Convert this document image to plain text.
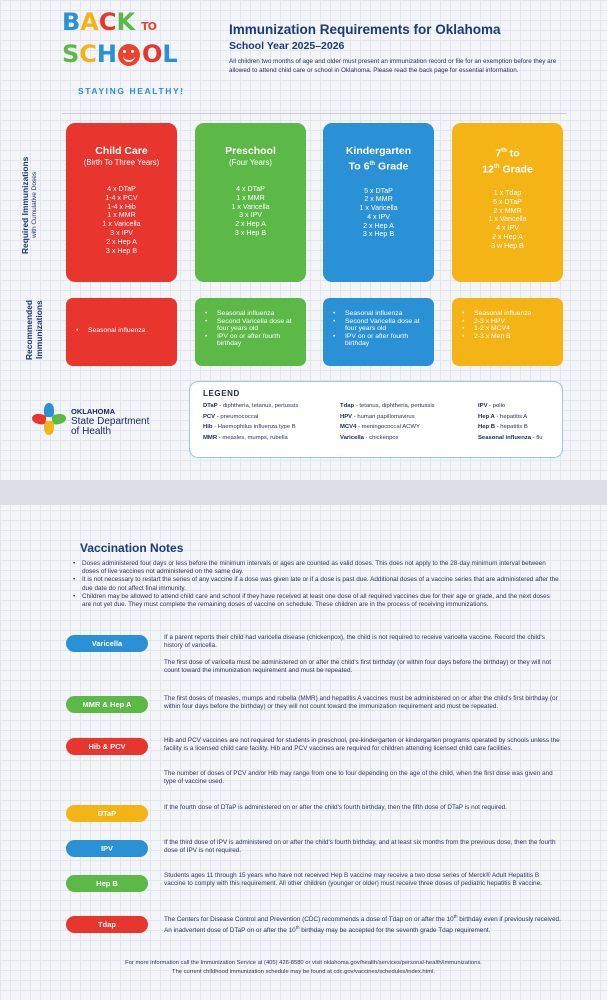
B A C K TO
S C H O L
STAYING HEALTHY!
Immunization Requirements for Oklahoma
School Year 2025–2026
All children two months of age and older must present an immunization record or file for an exemption before they are allowed to attend child care or school in Oklahoma. Please read the back page for essential information.
Required Immunizations
with Cumulative Doses
Recommended Immunizations
Child Care
(Birth To Three Years)
4 x DTaP
1-4 x PCV
1-4 x Hib
1 x MMR
1 x Varicella
3 x IPV
2 x Hep A
3 x Hep B
Preschool
(Four Years)
4 x DTaP
1 x MMR
1 x Varicella
3 x IPV
2 x Hep A
3 x Hep B
Kindergarten
To 6th Grade
5 x DTaP
2 x MMR
1 x Varicella
4 x IPV
2 x Hep A
3 x Hep B
7th to
12th Grade
1 x Tdap
5 x DTaP
2 x MMR
1 x Varicella
4 x IPV
2 x Hep A
3 w Hep B
• Seasonal influenza
• Seasonal influenza
• Second Varicella dose at four years old
• IPV on or after fourth birthday
• Seasonal influenza
• Second Varicella dose at four years old
• IPV on or after fourth birthday
• Seasonal influenza
• 2-3 x HPV
• 1-2 x MCV4
• 2-3 x Men B
OKLAHOMA
State Department
of Health
LEGEND
DTaP - diphtheria, tetanus, pertussis	Tdap - tetanus, diphtheria, pertussis	IPV - polio
PCV - pneumococcal	HPV - human papillomavirus	Hep A - hepatitis A
Hib - Haemophilus influenza type B	MCV4 - meningococcal ACWY	Hep B - hepatitis B
MMR - measles, mumps, rubella	Varicella - chickenpox	Seasonal influenza - flu
Vaccination Notes
• Doses administered four days or less before the minimum intervals or ages are counted as valid doses. This does not apply to the 28-day minimum interval between doses of live vaccines not administered on the same day.
• It is not necessary to restart the series of any vaccine if a dose was given late or if a dose is past due. Additional doses of a vaccine series that are administered after the due date do not affect final immunity.
• Children may be allowed to attend child care and school if they have received at least one dose of all required vaccines due for their age or grade, and the next doses are not yet due. They must complete the remaining doses of vaccine on schedule. These children are in the process of receiving immunizations.
Varicella
If a parent reports their child had varicella disease (chickenpox), the child is not required to receive varicella vaccine. Record the child's history of varicella.
The first dose of varicella must be administered on or after the child's first birthday (or within four days before the birthday) or they will not count toward the immunization requirement and must be repeated.
MMR & Hep A
The first doses of measles, mumps and rubella (MMR) and hepatitis A vaccines must be administered on or after the child's first birthday (or within four days before the birthday) or they will not count toward the immunization requirement and must be repeated.
Hib & PCV
Hib and PCV vaccines are not required for students in preschool, pre-kindergarten or kindergarten programs operated by schools unless the facility is a licensed child care facility. Hib and PCV vaccines are required for children attending licensed child care facilities.
The number of doses of PCV and/or Hib may range from one to four depending on the age of the child, when the first dose was given and type of vaccine used.
DTaP
If the fourth dose of DTaP is administered on or after the child's fourth birthday, then the fifth dose of DTaP is not required.
IPV
If the third dose of IPV is administered on or after the child's fourth birthday, and at least six months from the previous dose, then the fourth dose of IPV is not required.
Hep B
Students ages 11 through 15 years who have not received Hep B vaccine may receive a two dose series of Merck® Adult Hepatitis B vaccine to comply with this requirement. All other children (younger or older) must receive three doses of pediatric hepatitis B vaccine.
Tdap
The Centers for Disease Control and Prevention (CDC) recommends a dose of Tdap on or after the 10th birthday even if previously received. An inadvertent dose of DTaP on or after the 10th birthday may be accepted for the seventh grade Tdap requirement.
For more information call the Immunization Service at (405) 426-8580 or visit oklahoma.gov/health/services/personal-health/immunizations.
The current childhood immunization schedule may be found at cdc.gov/vaccines/schedules/index.html.
